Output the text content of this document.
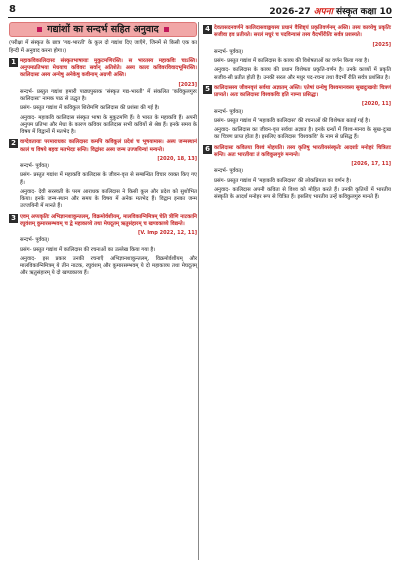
8	2026-27 अपना संस्कृत कक्षा 10
गद्यांशों का सन्दर्भ सहित अनुवाद

(परीक्षा में संस्कृत के छात्र 'गद्य-भारती' के कुल दो गद्यांश दिए जाएँगे, जिनमें से किसी एक का हिन्दी में अनुवाद करना होगा।)

1 महाकविकालिदासः संस्कृतभाषायाः मुकुटमणिरस्ति। स भारतस्य महाकविः चाऽस्ति। अनुपमप्रतिभया मेधयाच कविवरः सर्वान् अतिशेते। अस्य कालः कविवरविवादभूमिरस्ति। कालिदासः अस्य अन्येषु अनेकेषु कवीनाम् अग्रणी अस्ति।

[2023]

सन्दर्भ- प्रस्तुत गद्यांश हमारी पाठ्यपुस्तक 'संस्कृत गद्य-भारती' में संकलित 'कविकुलगुरुः कालिदासः' नामक पाठ से उद्धृत है।

प्रसंग- प्रस्तुत गद्यांश में कविकुल शिरोमणि कालिदास की प्रशंसा की गई है।

अनुवाद- महाकवि कालिदास संस्कृत भाषा के मुकुटमणि हैं। वे भारत के महाकवि हैं। अपनी अनुपम प्रतिभा और मेधा के कारण कविवर कालिदास सभी कवियों से श्रेष्ठ हैं। इनके समय के विषय में विद्वानों में मतभेद है।

2 वाग्देवतायाः परमाराधकः कालिदासः कमपि कविकुलं प्रदेशं च भूषयामास। अस्य जन्मस्थानं कालं च विषये बहवः मतभेदाः सन्ति। विद्वांसः अस्य जन्म उज्जयिन्यां मन्यन्ते।

[2020, 18, 13]

सन्दर्भ- पूर्ववत्।

प्रसंग- प्रस्तुत गद्यांश में महाकवि कालिदास के जीवन-वृत्त से सम्बन्धित विचार व्यक्त किए गए हैं।

अनुवाद- देवी सरस्वती के परम आराधक कालिदास ने किसी कुल और प्रदेश को सुशोभित किया। इनके जन्म-स्थान और समय के विषय में अनेक मतभेद हैं। विद्वान इनका जन्म उज्जयिनी में मानते हैं।

3 एवम् अप्यकृतिः अभिज्ञानशाकुन्तलम्, विक्रमोर्वशीयम्, मालविकाग्निमित्रम् चेति त्रीणि नाटकानि रघुवंशम् कुमारसम्भवम् च द्वे महाकाव्ये तथा मेघदूतम् ऋतुसंहारम् च खण्डकाव्ये विद्यन्ते।

[V. Imp 2022, 12, 11]

सन्दर्भ- पूर्ववत्।

प्रसंग- प्रस्तुत गद्यांश में कालिदास की रचनाओं का उल्लेख किया गया है।

अनुवाद- इस प्रकार उनकी रचनाएँ अभिज्ञानशाकुन्तलम्, विक्रमोर्वशीयम् और मालविकाग्निमित्रम् ये तीन नाटक, रघुवंशम् और कुमारसम्भवम् ये दो महाकाव्य तथा मेघदूतम् और ऋतुसंहारम् ये दो खण्डकाव्य हैं।

4 देवतासदनवर्णने कालिदासवाङ्मयस्य प्रधानं वैशिष्ट्यं प्रकृतिवर्णनम् अस्ति। तस्य काव्येषु प्रकृतिः सजीवा इव प्रतीयते। सरलं मधुरं च पदविन्यासं तस्य वैदर्भीरीतिः सर्वत्र प्रशस्यते।

[2025]

सन्दर्भ- पूर्ववत्।

प्रसंग- प्रस्तुत गद्यांश में कालिदास के काव्य की विशेषताओं का वर्णन किया गया है।

अनुवाद- कालिदास के काव्य की प्रधान विशेषता प्रकृति-वर्णन है। उनके काव्यों में प्रकृति सजीव-सी प्रतीत होती है। उनकी सरल और मधुर पद-रचना तथा वैदर्भी रीति सर्वत्र प्रशंसित है।

5 कालिदासस्य जीवनवृत्तं सर्वथा अज्ञातम् अस्ति। एतेषां ग्रन्थेषु विश्वमानवस्य सुखदुःखयोः चित्रणं प्राप्यते। अतः कालिदासः विश्वकविः इति नाम्ना प्रसिद्धः।

[2020, 11]

सन्दर्भ- पूर्ववत्।

प्रसंग- प्रस्तुत गद्यांश में 'महाकवि कालिदास' की रचनाओं की विशेषता बताई गई है।

अनुवाद- कालिदास का जीवन-वृत्त सर्वथा अज्ञात है। इनके ग्रन्थों में विश्व-मानव के सुख-दुःख का चित्रण प्राप्त होता है। इसलिए कालिदास 'विश्वकवि' के नाम से प्रसिद्ध हैं।

6 कालिदासः कवितया विश्वं मोहयति। तस्य कृतिषु भारतीयसंस्कृतेः आदर्शाः मनोहरं चित्रिताः सन्ति। अतः भारतीयाः तं कविकुलगुरुं मन्यन्ते।

[2026, 17, 11]

सन्दर्भ- पूर्ववत्।

प्रसंग- प्रस्तुत गद्यांश में 'महाकवि कालिदास' की लोकप्रियता का वर्णन है।

अनुवाद- कालिदास अपनी कविता से विश्व को मोहित करते हैं। उनकी कृतियों में भारतीय संस्कृति के आदर्श मनोहर रूप से चित्रित हैं। इसलिए भारतीय उन्हें कविकुलगुरु मानते हैं।
